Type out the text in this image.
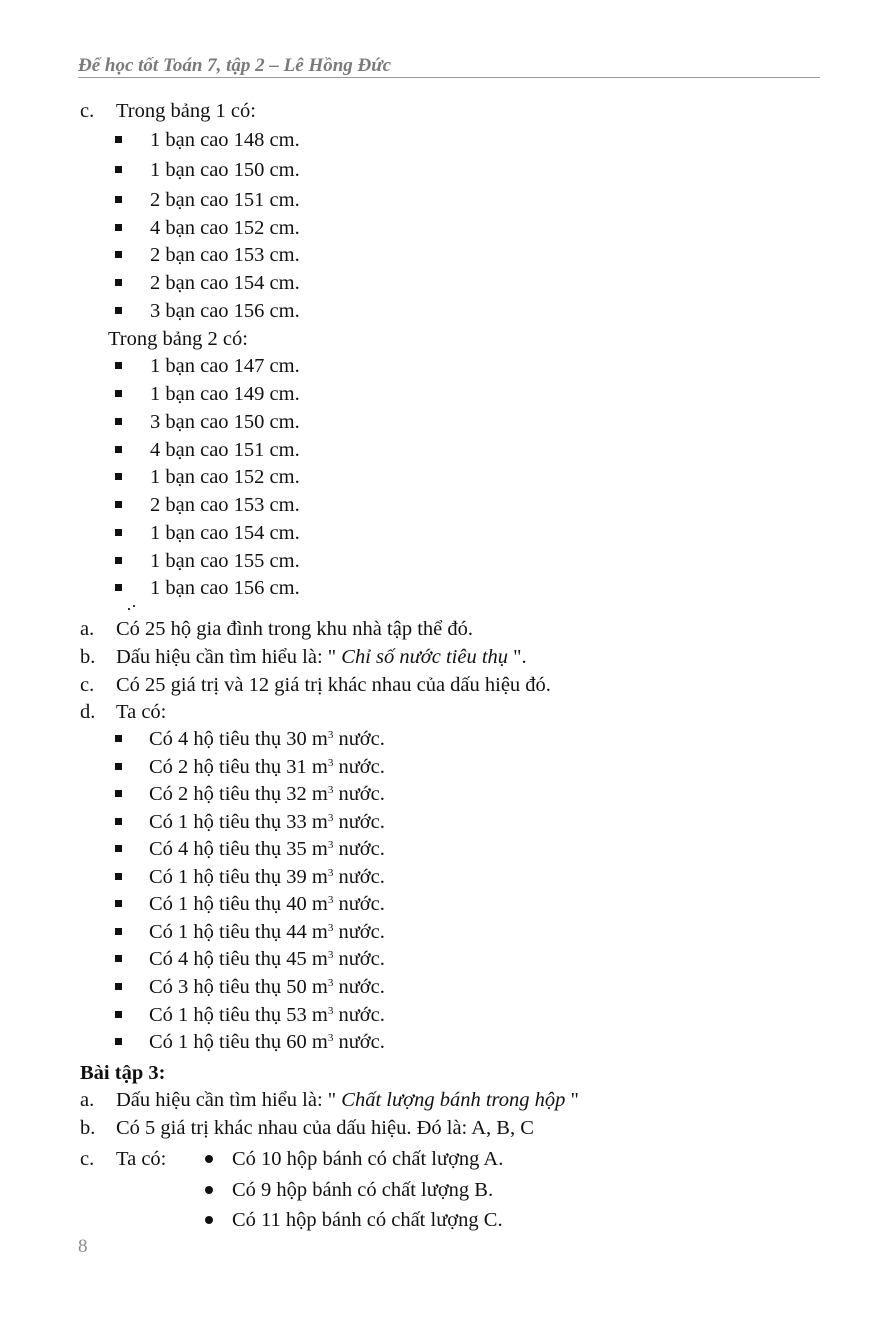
Để học tốt Toán 7, tập 2 – Lê Hồng Đức
c. Trong bảng 1 có:
1 bạn cao 148 cm.
1 bạn cao 150 cm.
2 bạn cao 151 cm.
4 bạn cao 152 cm.
2 bạn cao 153 cm.
2 bạn cao 154 cm.
3 bạn cao 156 cm.
Trong bảng 2 có:
1 bạn cao 147 cm.
1 bạn cao 149 cm.
3 bạn cao 150 cm.
4 bạn cao 151 cm.
1 bạn cao 152 cm.
2 bạn cao 153 cm.
1 bạn cao 154 cm.
1 bạn cao 155 cm.
1 bạn cao 156 cm.
a. Có 25 hộ gia đình trong khu nhà tập thể đó.
b. Dấu hiệu cần tìm hiểu là: " Chỉ số nước tiêu thụ ".
c. Có 25 giá trị và 12 giá trị khác nhau của dấu hiệu đó.
d. Ta có:
Có 4 hộ tiêu thụ 30 $m^3$ nước.
Có 2 hộ tiêu thụ 31 $m^3$ nước.
Có 2 hộ tiêu thụ 32 $m^3$ nước.
Có 1 hộ tiêu thụ 33 $m^3$ nước.
Có 4 hộ tiêu thụ 35 $m^3$ nước.
Có 1 hộ tiêu thụ 39 $m^3$ nước.
Có 1 hộ tiêu thụ 40 $m^3$ nước.
Có 1 hộ tiêu thụ 44 $m^3$ nước.
Có 4 hộ tiêu thụ 45 $m^3$ nước.
Có 3 hộ tiêu thụ 50 $m^3$ nước.
Có 1 hộ tiêu thụ 53 $m^3$ nước.
Có 1 hộ tiêu thụ 60 $m^3$ nước.
Bài tập 3:
a. Dấu hiệu cần tìm hiểu là: " Chất lượng bánh trong hộp "
b. Có 5 giá trị khác nhau của dấu hiệu. Đó là: A, B, C
c. Ta có:	Có 10 hộp bánh có chất lượng A.
Có 9 hộp bánh có chất lượng B.
Có 11 hộp bánh có chất lượng C.
8
